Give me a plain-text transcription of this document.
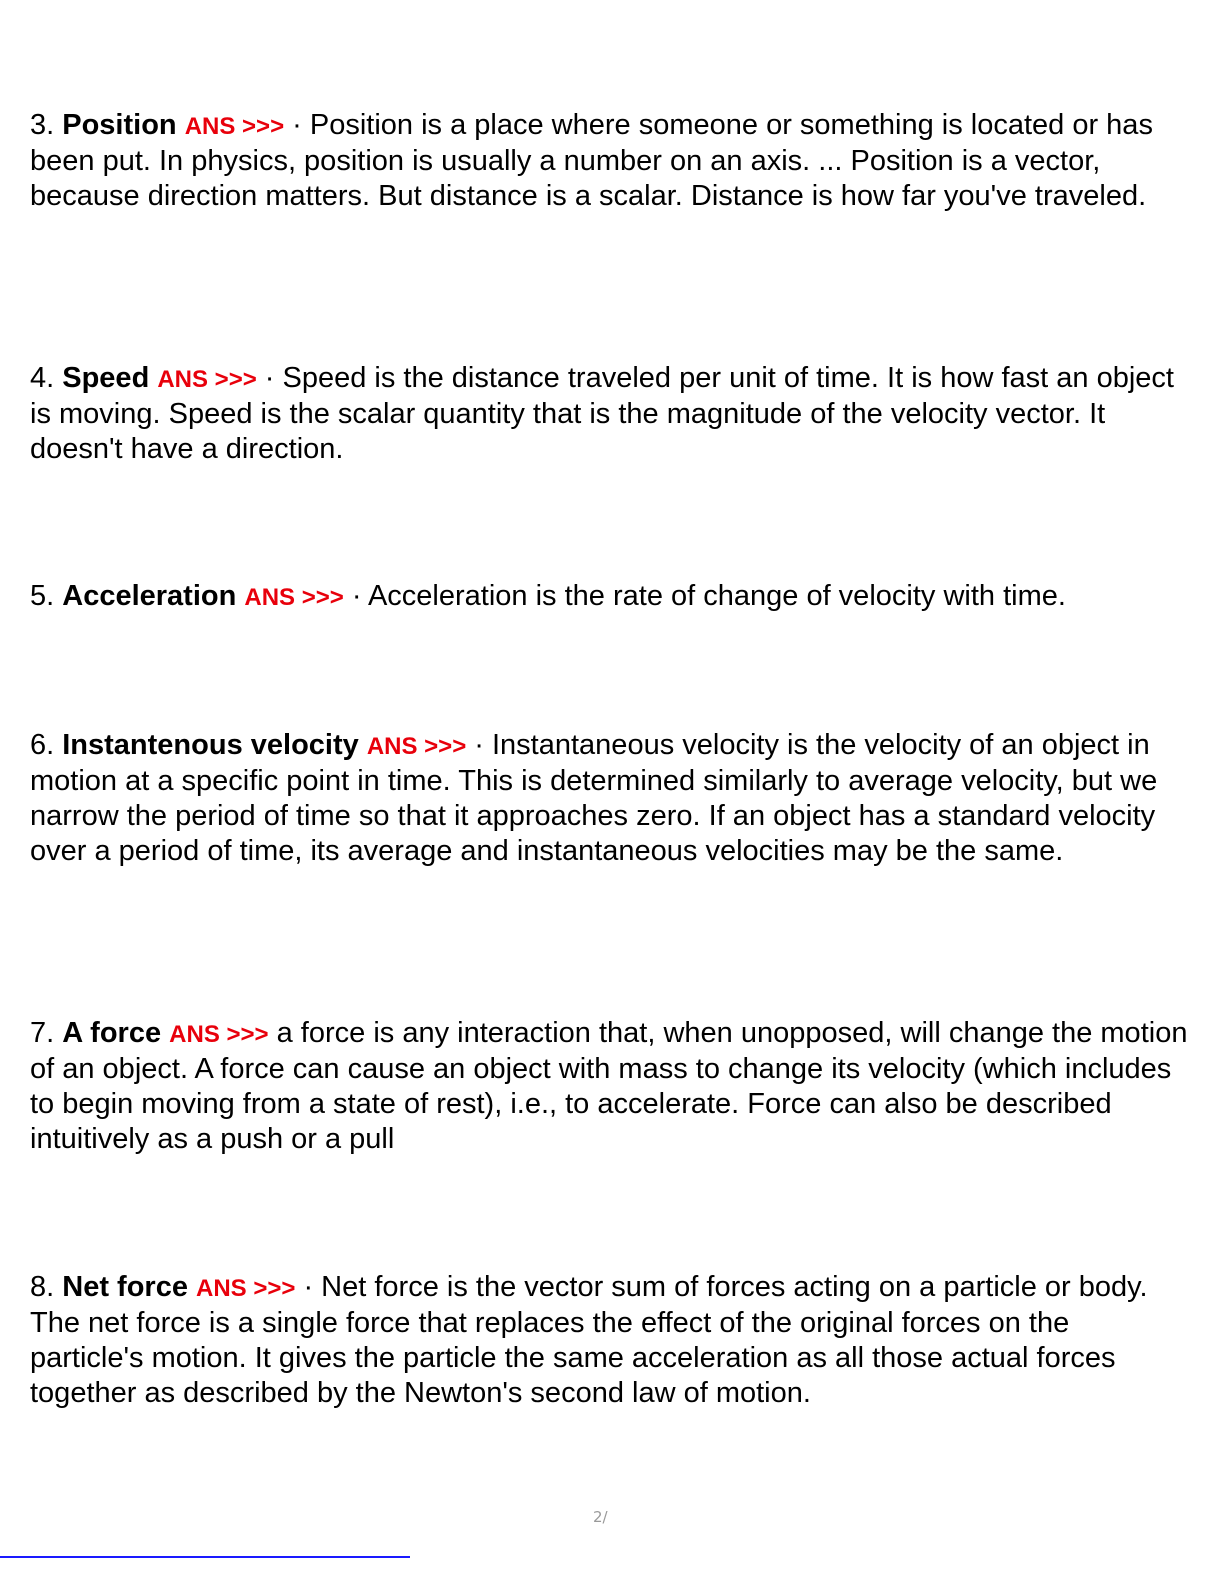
3. Position ANS >>> · Position is a place where someone or something is located or has been put. In physics, position is usually a number on an axis. ... Position is a vector, because direction matters. But distance is a scalar. Distance is how far you've traveled.

4. Speed ANS >>> · Speed is the distance traveled per unit of time. It is how fast an object is moving. Speed is the scalar quantity that is the magnitude of the velocity vector. It doesn't have a direction.

5. Acceleration ANS >>> · Acceleration is the rate of change of velocity with time.

6. Instantenous velocity ANS >>> · Instantaneous velocity is the velocity of an object in motion at a specific point in time. This is determined similarly to average velocity, but we narrow the period of time so that it approaches zero. If an object has a standard velocity over a period of time, its average and instantaneous velocities may be the same.

7. A force ANS >>> a force is any interaction that, when unopposed, will change the motion of an object. A force can cause an object with mass to change its velocity (which includes to begin moving from a state of rest), i.e., to accelerate. Force can also be described intuitively as a push or a pull

8. Net force ANS >>> · Net force is the vector sum of forces acting on a particle or body. The net force is a single force that replaces the effect of the original forces on the particle's motion. It gives the particle the same acceleration as all those actual forces together as described by the Newton's second law of motion.

2/
